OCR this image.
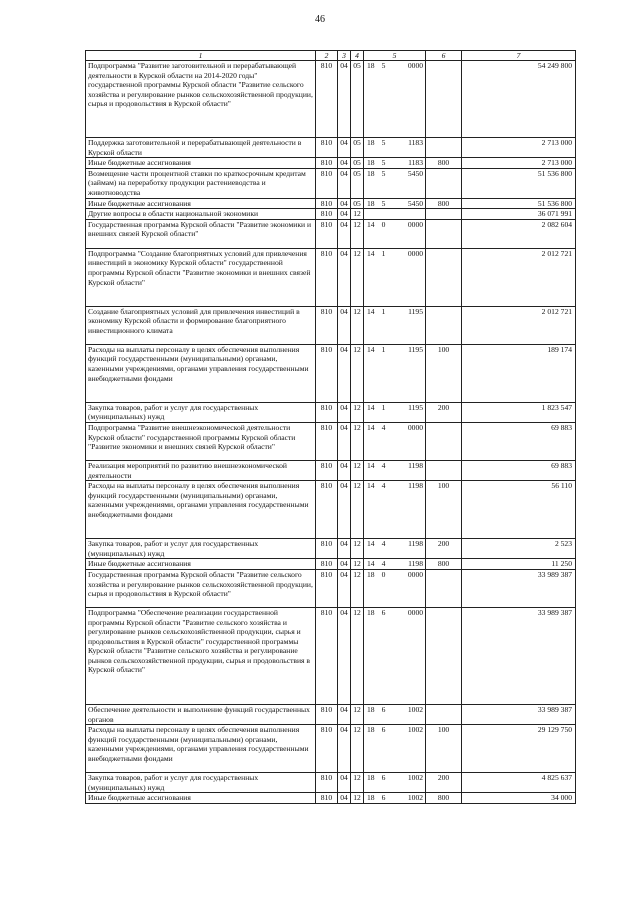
46
1	2	3	4	5			6	7
Подпрограмма "Развитие заготовительной и перерабатывающей деятельности в Курской области на 2014-2020 годы" государственной программы Курской области "Развитие сельского хозяйства и регулирование рынков сельскохозяйственной продукции, сырья и продовольствия в Курской области"	810	04	05	18	5	0000		54 249 800
Поддержка заготовительной и перерабатывающей деятельности в Курской области	810	04	05	18	5	1183		2 713 000
Иные бюджетные ассигнования	810	04	05	18	5	1183	800	2 713 000
Возмещение части процентной ставки по краткосрочным кредитам (займам) на переработку продукции растениеводства и животноводства	810	04	05	18	5	5450		51 536 800
Иные бюджетные ассигнования	810	04	05	18	5	5450	800	51 536 800
Другие вопросы в области национальной экономики	810	04	12					36 071 991
Государственная программа Курской области "Развитие экономики и внешних связей Курской области"	810	04	12	14	0	0000		2 082 604
Подпрограмма "Создание благоприятных условий для привлечения инвестиций в экономику Курской области" государственной программы Курской области "Развитие экономики и внешних связей Курской области"	810	04	12	14	1	0000		2 012 721
Создание благоприятных условий для привлечения инвестиций в экономику Курской области и формирование благоприятного инвестиционного климата	810	04	12	14	1	1195		2 012 721
Расходы на выплаты персоналу в целях обеспечения выполнения функций государственными (муниципальными) органами, казенными учреждениями, органами управления государственными внебюджетными фондами	810	04	12	14	1	1195	100	189 174
Закупка товаров, работ и услуг для государственных (муниципальных) нужд	810	04	12	14	1	1195	200	1 823 547
Подпрограмма "Развитие внешнеэкономической деятельности Курской области" государственной программы Курской области "Развитие экономики и внешних связей Курской области"	810	04	12	14	4	0000		69 883
Реализация мероприятий по развитию внешнеэкономической деятельности	810	04	12	14	4	1198		69 883
Расходы на выплаты персоналу в целях обеспечения выполнения функций государственными (муниципальными) органами, казенными учреждениями, органами управления государственными внебюджетными фондами	810	04	12	14	4	1198	100	56 110
Закупка товаров, работ и услуг для государственных (муниципальных) нужд	810	04	12	14	4	1198	200	2 523
Иные бюджетные ассигнования	810	04	12	14	4	1198	800	11 250
Государственная программа Курской области "Развитие сельского хозяйства и регулирование рынков сельскохозяйственной продукции, сырья и продовольствия в Курской области"	810	04	12	18	0	0000		33 989 387
Подпрограмма "Обеспечение реализации государственной программы Курской области "Развитие сельского хозяйства и регулирование рынков сельскохозяйственной продукции, сырья и продовольствия в Курской области" государственной программы Курской области "Развитие сельского хозяйства и регулирование рынков сельскохозяйственной продукции, сырья и продовольствия в Курской области"	810	04	12	18	6	0000		33 989 387
Обеспечение деятельности и выполнение функций государственных органов	810	04	12	18	6	1002		33 989 387
Расходы на выплаты персоналу в целях обеспечения выполнения функций государственными (муниципальными) органами, казенными учреждениями, органами управления государственными внебюджетными фондами	810	04	12	18	6	1002	100	29 129 750
Закупка товаров, работ и услуг для государственных (муниципальных) нужд	810	04	12	18	6	1002	200	4 825 637
Иные бюджетные ассигнования	810	04	12	18	6	1002	800	34 000
